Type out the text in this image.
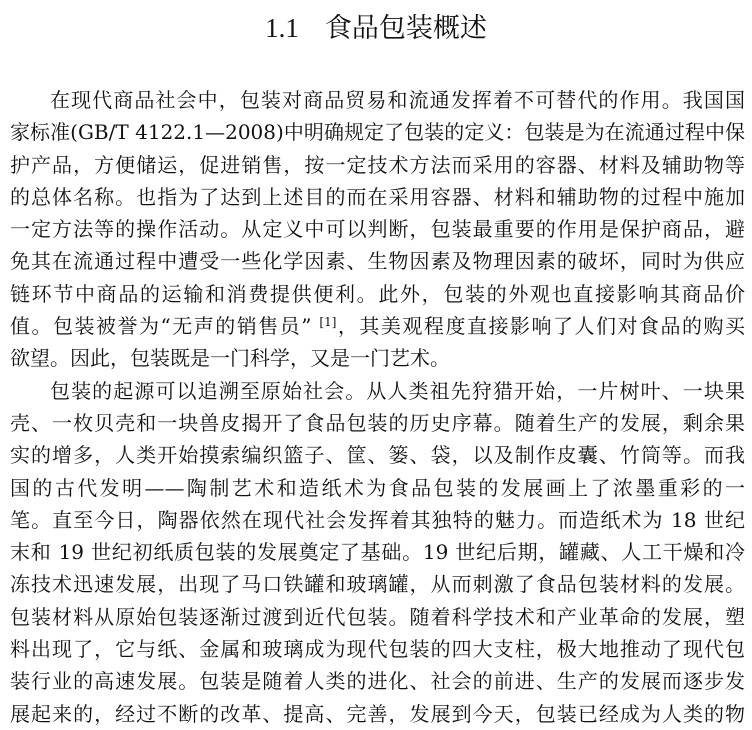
1.1 食品包装概述
在现代商品社会中，包装对商品贸易和流通发挥着不可替代的作用。我国国
家标准(GB/T 4122.1—2008)中明确规定了包装的定义：包装是为在流通过程中保
护产品，方便储运，促进销售，按一定技术方法而采用的容器、材料及辅助物等
的总体名称。也指为了达到上述目的而在采用容器、材料和辅助物的过程中施加
一定方法等的操作活动。从定义中可以判断，包装最重要的作用是保护商品，避
免其在流通过程中遭受一些化学因素、生物因素及物理因素的破坏，同时为供应
链环节中商品的运输和消费提供便利。此外，包装的外观也直接影响其商品价
值。包装被誉为“无声的销售员” [1]，其美观程度直接影响了人们对食品的购买
欲望。因此，包装既是一门科学，又是一门艺术。
包装的起源可以追溯至原始社会。从人类祖先狩猎开始，一片树叶、一块果
壳、一枚贝壳和一块兽皮揭开了食品包装的历史序幕。随着生产的发展，剩余果
实的增多，人类开始摸索编织篮子、筐、篓、袋，以及制作皮囊、竹筒等。而我
国的古代发明——陶制艺术和造纸术为食品包装的发展画上了浓墨重彩的一
笔。直至今日，陶器依然在现代社会发挥着其独特的魅力。而造纸术为 18 世纪
末和 19 世纪初纸质包装的发展奠定了基础。19 世纪后期，罐藏、人工干燥和冷
冻技术迅速发展，出现了马口铁罐和玻璃罐，从而刺激了食品包装材料的发展。
包装材料从原始包装逐渐过渡到近代包装。随着科学技术和产业革命的发展，塑
料出现了，它与纸、金属和玻璃成为现代包装的四大支柱，极大地推动了现代包
装行业的高速发展。包装是随着人类的进化、社会的前进、生产的发展而逐步发
展起来的，经过不断的改革、提高、完善，发展到今天，包装已经成为人类的物
